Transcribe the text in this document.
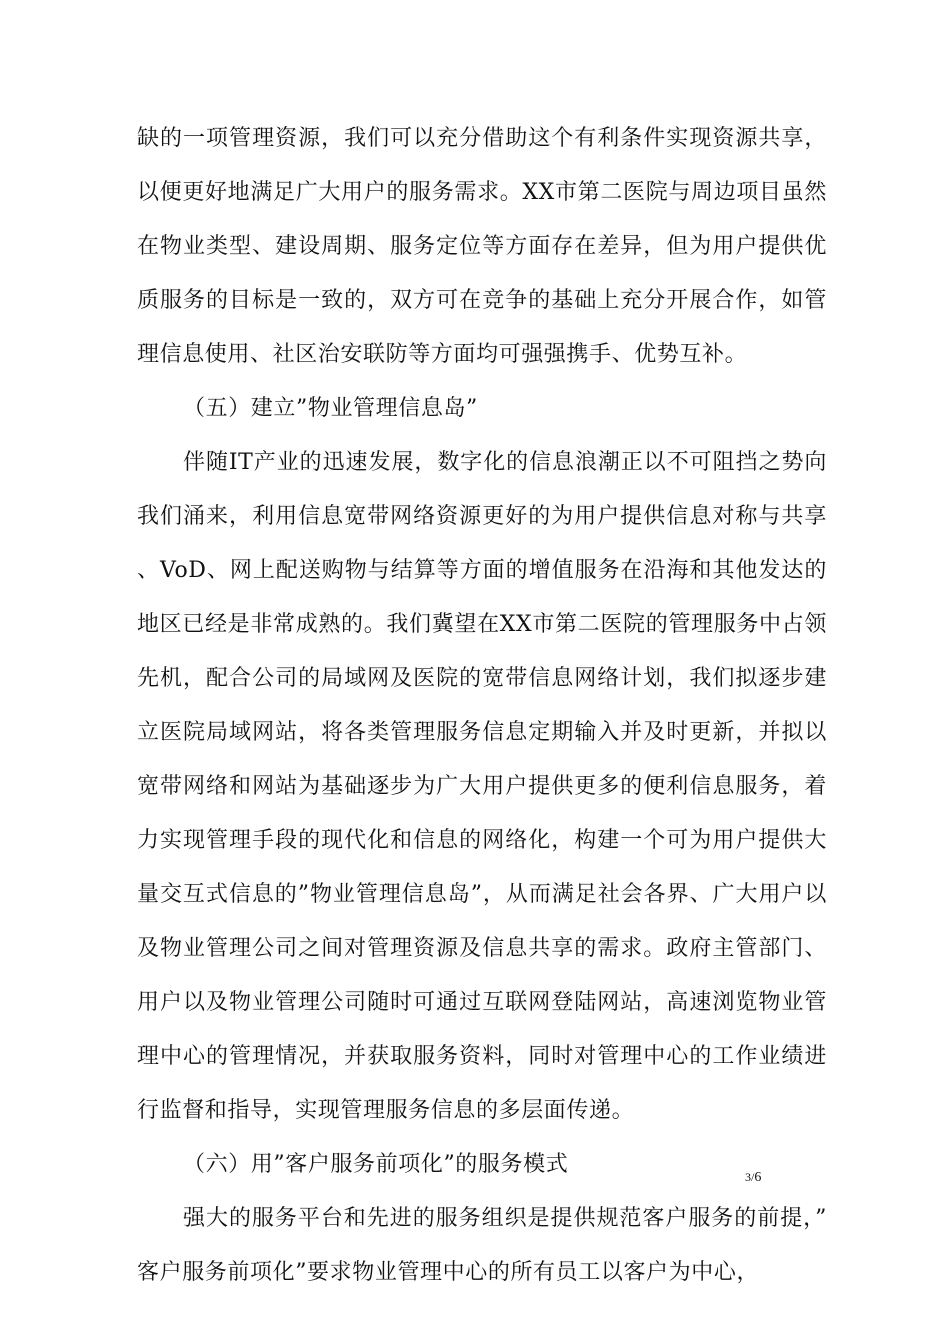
缺的一项管理资源，我们可以充分借助这个有利条件实现资源共享，以便更好地满足广大用户的服务需求。XX市第二医院与周边项目虽然在物业类型、建设周期、服务定位等方面存在差异，但为用户提供优质服务的目标是一致的，双方可在竞争的基础上充分开展合作，如管理信息使用、社区治安联防等方面均可强强携手、优势互补。

（五）建立”物业管理信息岛”

伴随IT产业的迅速发展，数字化的信息浪潮正以不可阻挡之势向我们涌来，利用信息宽带网络资源更好的为用户提供信息对称与共享、VoD、网上配送购物与结算等方面的增值服务在沿海和其他发达的地区已经是非常成熟的。我们冀望在XX市第二医院的管理服务中占领先机，配合公司的局域网及医院的宽带信息网络计划，我们拟逐步建立医院局域网站，将各类管理服务信息定期输入并及时更新，并拟以宽带网络和网站为基础逐步为广大用户提供更多的便利信息服务，着力实现管理手段的现代化和信息的网络化，构建一个可为用户提供大量交互式信息的”物业管理信息岛”，从而满足社会各界、广大用户以及物业管理公司之间对管理资源及信息共享的需求。政府主管部门、用户以及物业管理公司随时可通过互联网登陆网站，高速浏览物业管理中心的管理情况，并获取服务资料，同时对管理中心的工作业绩进行监督和指导，实现管理服务信息的多层面传递。

（六）用”客户服务前项化”的服务模式

强大的服务平台和先进的服务组织是提供规范客户服务的前提，”客户服务前项化”要求物业管理中心的所有员工以客户为中心，

3/6
